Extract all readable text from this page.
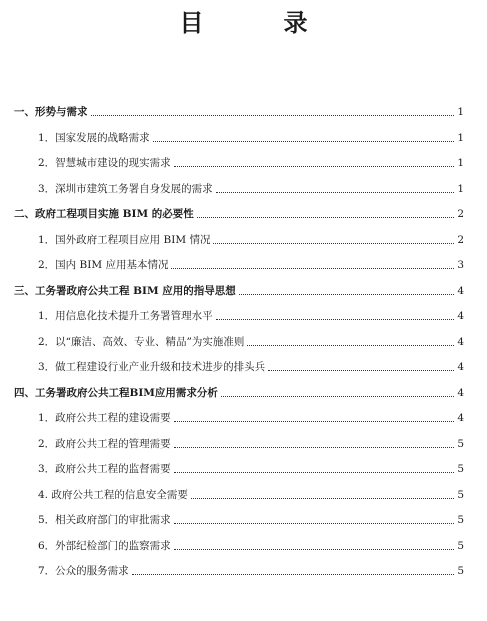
目　录
一、形势与需求	1
1．国家发展的战略需求	1
2．智慧城市建设的现实需求	1
3．深圳市建筑工务署自身发展的需求	1
二、政府工程项目实施 BIM 的必要性	2
1．国外政府工程项目应用 BIM 情况	2
2．国内 BIM 应用基本情况	3
三、工务署政府公共工程 BIM 应用的指导思想	4
1．用信息化技术提升工务署管理水平	4
2．以“廉洁、高效、专业、精品”为实施准则	4
3．做工程建设行业产业升级和技术进步的排头兵	4
四、工务署政府公共工程BIM应用需求分析	4
1．政府公共工程的建设需要	4
2．政府公共工程的管理需要	5
3．政府公共工程的监督需要	5
4. 政府公共工程的信息安全需要	5
5．相关政府部门的审批需求	5
6．外部纪检部门的监察需求	5
7．公众的服务需求	5
